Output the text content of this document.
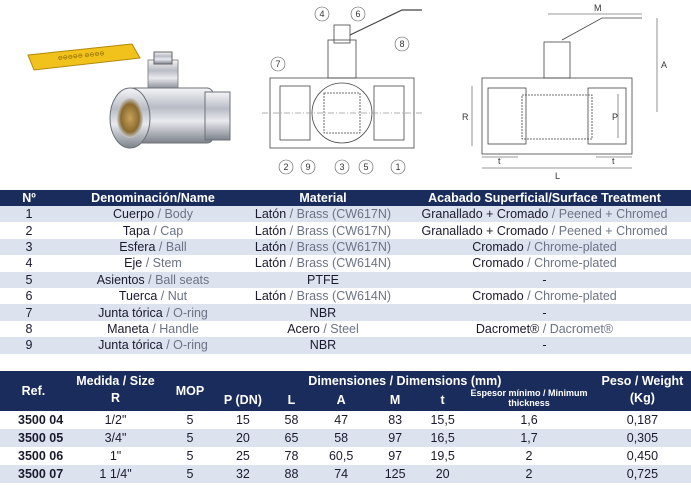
⊖⊖⊖⊖⊖ ⊖⊖⊖⊖
4	6
7
8
2 9	3 5	1
M
A
R	P
L
t	t
Nº	Denominación/Name	Material	Acabado Superficial/Surface Treatment
1	Cuerpo / Body	Latón / Brass (CW617N)	Granallado + Cromado / Peened + Chromed
2	Tapa / Cap	Latón / Brass (CW617N)	Granallado + Cromado / Peened + Chromed
3	Esfera / Ball	Latón / Brass (CW617N)	Cromado / Chrome-plated
4	Eje / Stem	Latón / Brass (CW614N)	Cromado / Chrome-plated
5	Asientos / Ball seats	PTFE	-
6	Tuerca / Nut	Latón / Brass (CW614N)	Cromado / Chrome-plated
7	Junta tórica / O-ring	NBR	-
8	Maneta / Handle	Acero / Steel	Dacromet® / Dacromet®
9	Junta tórica / O-ring	NBR	-
Ref.	Medida / Size	MOP	Dimensiones / Dimensions (mm)						Peso / Weight
	R		P (DN)	L	A	M	t	Espesor mínimo / Minimum thickness	(Kg)
3500 04	1/2"	5	15	58	47	83	15,5	1,6	0,187
3500 05	3/4"	5	20	65	58	97	16,5	1,7	0,305
3500 06	1"	5	25	78	60,5	97	19,5	2	0,450
3500 07	1 1/4"	5	32	88	74	125	20	2	0,725
